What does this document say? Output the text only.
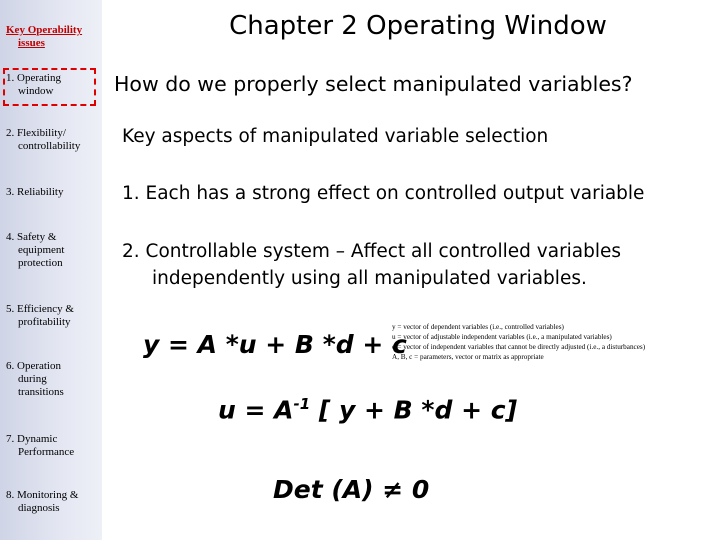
Key Operability
issues
1. Operating
window
2. Flexibility/
controllability
3. Reliability
4. Safety &
equipment
protection
5. Efficiency &
profitability
6. Operation
during
transitions
7. Dynamic
Performance
8. Monitoring &
diagnosis
Chapter 2 Operating Window
How do we properly select manipulated variables?
Key aspects of manipulated variable selection
1. Each has a strong effect on controlled output variable
2. Controllable system – Affect all controlled variables
independently using all manipulated variables.
y = A *u + B *d + c
y = vector of dependent variables (i.e., controlled variables)
u = vector of adjustable independent variables (i.e., a manipulated variables)
d = vector of independent variables that cannot be directly adjusted (i.e., a disturbances)
A, B, c = parameters, vector or matrix as appropriate
$u = A^{-1}$ [ y + B *d + c]
Det (A) ≠ 0
